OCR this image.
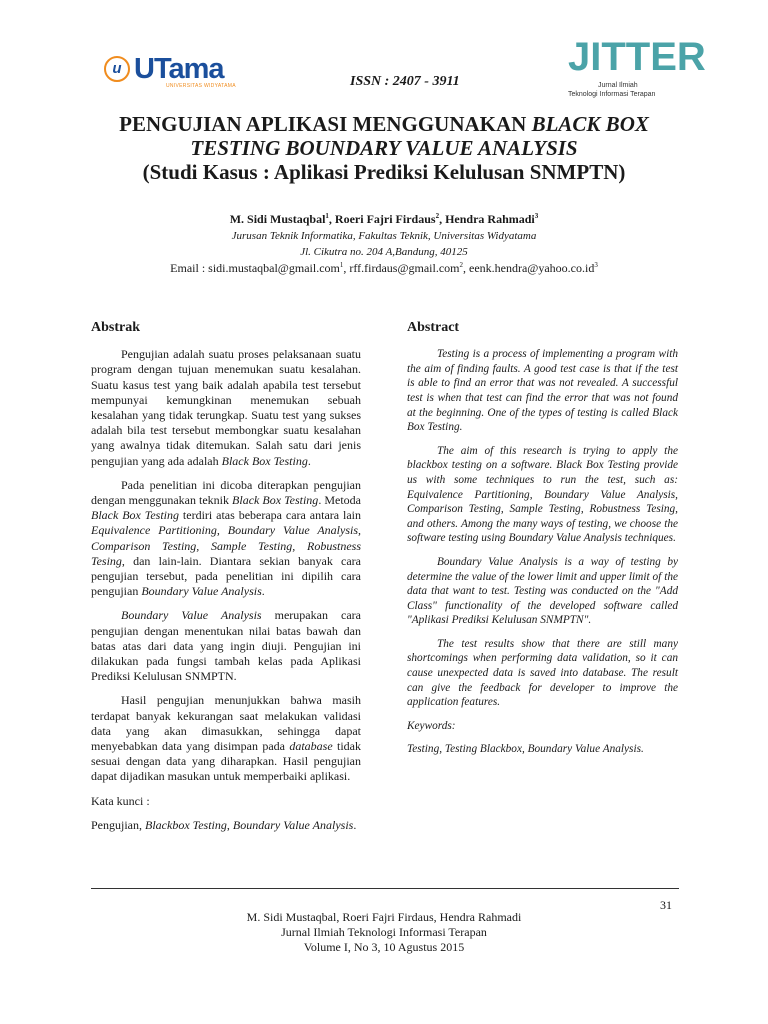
u UTama
UNIVERSITAS WIDYATAMA	ISSN : 2407 - 3911
JITTER
Jurnal Ilmiah
Teknologi Informasi Terapan
PENGUJIAN APLIKASI MENGGUNAKAN BLACK BOX
TESTING BOUNDARY VALUE ANALYSIS
(Studi Kasus : Aplikasi Prediksi Kelulusan SNMPTN)
M. Sidi Mustaqbal$^1$, Roeri Fajri Firdaus$^2$, Hendra Rahmadi$^3$
Jurusan Teknik Informatika, Fakultas Teknik, Universitas Widyatama
Jl. Cikutra no. 204 A,Bandung, 40125
Email : sidi.mustaqbal@gmail.com$^1$, rff.firdaus@gmail.com$^2$, $eenk.hendra@yahoo.co.id^3$
Abstrak

Pengujian adalah suatu proses pelaksanaan suatu program dengan tujuan menemukan suatu kesalahan. Suatu kasus test yang baik adalah apabila test tersebut mempunyai kemungkinan menemukan sebuah kesalahan yang tidak terungkap. Suatu test yang sukses adalah bila test tersebut membongkar suatu kesalahan yang awalnya tidak ditemukan. Salah satu dari jenis pengujian yang ada adalah Black Box Testing.

Pada penelitian ini dicoba diterapkan pengujian dengan menggunakan teknik Black Box Testing. Metoda Black Box Testing terdiri atas beberapa cara antara lain Equivalence Partitioning, Boundary Value Analysis, Comparison Testing, Sample Testing, Robustness Tesing, dan lain-lain. Diantara sekian banyak cara pengujian tersebut, pada penelitian ini dipilih cara pengujian Boundary Value Analysis.

Boundary Value Analysis merupakan cara pengujian dengan menentukan nilai batas bawah dan batas atas dari data yang ingin diuji. Pengujian ini dilakukan pada fungsi tambah kelas pada Aplikasi Prediksi Kelulusan SNMPTN.

Hasil pengujian menunjukkan bahwa masih terdapat banyak kekurangan saat melakukan validasi data yang akan dimasukkan, sehingga dapat menyebabkan data yang disimpan pada database tidak sesuai dengan data yang diharapkan. Hasil pengujian dapat dijadikan masukan untuk memperbaiki aplikasi.

Kata kunci :

Pengujian, Blackbox Testing, Boundary Value Analysis.

Abstract

Testing is a process of implementing a program with the aim of finding faults. A good test case is that if the test is able to find an error that was not revealed. A successful test is when that test can find the error that was not found at the beginning. One of the types of testing is called Black Box Testing.

The aim of this research is trying to apply the blackbox testing on a software. Black Box Testing provide us with some techniques to run the test, such as: Equivalence Partitioning, Boundary Value Analysis, Comparison Testing, Sample Testing, Robustness Tesing, and others. Among the many ways of testing, we choose the software testing using Boundary Value Analysis techniques.

Boundary Value Analysis is a way of testing by determine the value of the lower limit and upper limit of the data that want to test. Testing was conducted on the "Add Class" functionality of the developed software called "Aplikasi Prediksi Kelulusan SNMPTN".

The test results show that there are still many shortcomings when performing data validation, so it can cause unexpected data is saved into database. The result can give the feedback for developer to improve the application features.

Keywords:

Testing, Testing Blackbox, Boundary Value Analysis.

31
M. Sidi Mustaqbal, Roeri Fajri Firdaus, Hendra Rahmadi
Jurnal Ilmiah Teknologi Informasi Terapan
Volume I, No 3, 10 Agustus 2015
